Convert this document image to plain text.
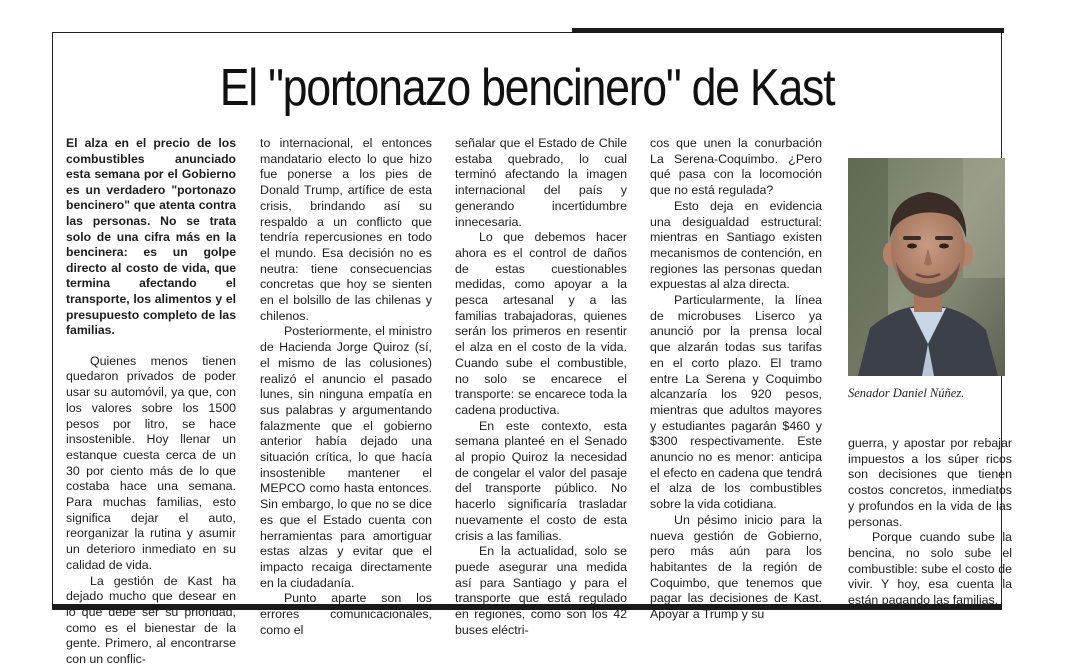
El "portonazo bencinero" de Kast

El alza en el precio de los combustibles anunciado esta semana por el Gobierno es un verdadero "portonazo bencinero" que atenta contra las personas. No se trata solo de una cifra más en la bencinera: es un golpe directo al costo de vida, que termina afectando el transporte, los alimentos y el presupuesto completo de las familias.

Quienes menos tienen quedaron privados de poder usar su automóvil, ya que, con los valores sobre los 1500 pesos por litro, se hace insostenible. Hoy llenar un estanque cuesta cerca de un 30 por ciento más de lo que costaba hace una semana. Para muchas familias, esto significa dejar el auto, reorganizar la rutina y asumir un deterioro inmediato en su calidad de vida.

La gestión de Kast ha dejado mucho que desear en lo que debe ser su prioridad, como es el bienestar de la gente. Primero, al encontrarse con un conflic-

to internacional, el entonces mandatario electo lo que hizo fue ponerse a los pies de Donald Trump, artífice de esta crisis, brindando así su respaldo a un conflicto que tendría repercusiones en todo el mundo. Esa decisión no es neutra: tiene consecuencias concretas que hoy se sienten en el bolsillo de las chilenas y chilenos.

Posteriormente, el ministro de Hacienda Jorge Quiroz (sí, el mismo de las colusiones) realizó el anuncio el pasado lunes, sin ninguna empatía en sus palabras y argumentando falazmente que el gobierno anterior había dejado una situación crítica, lo que hacía insostenible mantener el MEPCO como hasta entonces. Sin embargo, lo que no se dice es que el Estado cuenta con herramientas para amortiguar estas alzas y evitar que el impacto recaiga directamente en la ciudadanía.

Punto aparte son los errores comunicacionales, como el

señalar que el Estado de Chile estaba quebrado, lo cual terminó afectando la imagen internacional del país y generando incertidumbre innecesaria.

Lo que debemos hacer ahora es el control de daños de estas cuestionables medidas, como apoyar a la pesca artesanal y a las familias trabajadoras, quienes serán los primeros en resentir el alza en el costo de la vida. Cuando sube el combustible, no solo se encarece el transporte: se encarece toda la cadena productiva.

En este contexto, esta semana planteé en el Senado al propio Quiroz la necesidad de congelar el valor del pasaje del transporte público. No hacerlo significaría trasladar nuevamente el costo de esta crisis a las familias.

En la actualidad, solo se puede asegurar una medida así para Santiago y para el transporte que está regulado en regiones, como son los 42 buses eléctri-

cos que unen la conurbación La Serena-Coquimbo. ¿Pero qué pasa con la locomoción que no está regulada?

Esto deja en evidencia una desigualdad estructural: mientras en Santiago existen mecanismos de contención, en regiones las personas quedan expuestas al alza directa.

Particularmente, la línea de microbuses Liserco ya anunció por la prensa local que alzarán todas sus tarifas en el corto plazo. El tramo entre La Serena y Coquimbo alcanzaría los 920 pesos, mientras que adultos mayores y estudiantes pagarán $460 y $300 respectivamente. Este anuncio no es menor: anticipa el efecto en cadena que tendrá el alza de los combustibles sobre la vida cotidiana.

Un pésimo inicio para la nueva gestión de Gobierno, pero más aún para los habitantes de la región de Coquimbo, que tenemos que pagar las decisiones de Kast. Apoyar a Trump y su

Senador Daniel Núñez.

guerra, y apostar por rebajar impuestos a los súper ricos son decisiones que tienen costos concretos, inmediatos y profundos en la vida de las personas.

Porque cuando sube la bencina, no solo sube el combustible: sube el costo de vivir. Y hoy, esa cuenta la están pagando las familias.
